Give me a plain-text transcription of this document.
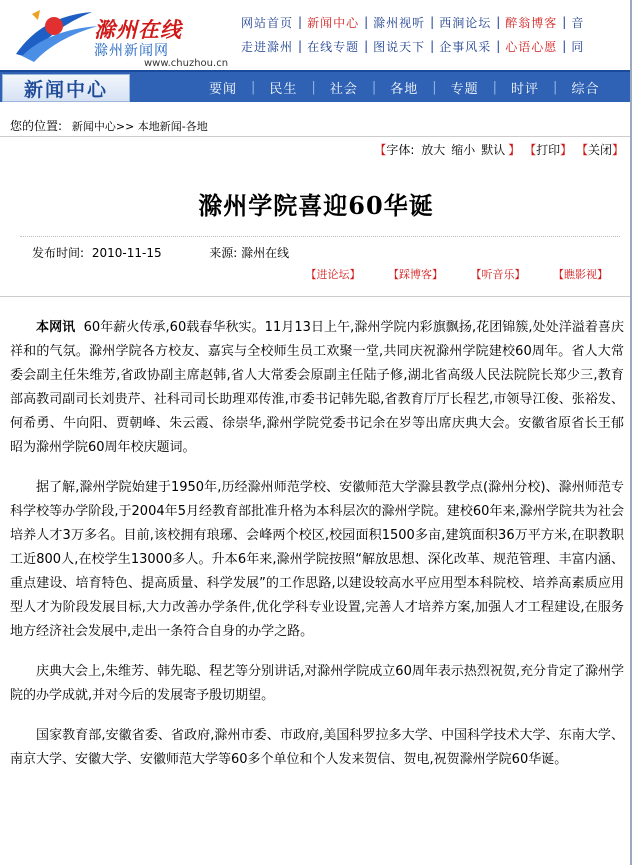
滁州在线
滁州新闻网
www.chuzhou.cn
网站首页 | 新闻中心 | 滁州视听 | 西涧论坛 | 醉翁博客 | 音
走进滁州 | 在线专题 | 图说天下 | 企事风采 | 心语心愿 | 同
新闻中心	要闻	|	民生	|	社会	|	各地	|	专题	|	时评	|	综合
您的位置: 新闻中心>> 本地新闻-各地
【字体: 放大 缩小 默认 】 【打印】 【关闭】
滁州学院喜迎60华诞
发布时间: 2010-11-15	来源: 滁州在线
【进论坛】	【踩博客】	【听音乐】	【瞧影视】

本网讯 60年薪火传承,60载春华秋实。11月13日上午,滁州学院内彩旗飘扬,花团锦簇,处处洋溢着喜庆祥和的气氛。滁州学院各方校友、嘉宾与全校师生员工欢聚一堂,共同庆祝滁州学院建校60周年。省人大常委会副主任朱维芳,省政协副主席赵韩,省人大常委会原副主任陆子修,湖北省高级人民法院院长郑少三,教育部高教司副司长刘贵芹、社科司司长助理邓传淮,市委书记韩先聪,省教育厅厅长程艺,市领导江俊、张裕发、何希勇、牛向阳、贾朝峰、朱云霞、徐崇华,滁州学院党委书记余在岁等出席庆典大会。安徽省原省长王郁昭为滁州学院60周年校庆题词。

据了解,滁州学院始建于1950年,历经滁州师范学校、安徽师范大学滁县教学点(滁州分校)、滁州师范专科学校等办学阶段,于2004年5月经教育部批准升格为本科层次的滁州学院。建校60年来,滁州学院共为社会培养人才3万多名。目前,该校拥有琅琊、会峰两个校区,校园面积1500多亩,建筑面积36万平方米,在职教职工近800人,在校学生13000多人。升本6年来,滁州学院按照“解放思想、深化改革、规范管理、丰富内涵、重点建设、培育特色、提高质量、科学发展”的工作思路,以建设较高水平应用型本科院校、培养高素质应用型人才为阶段发展目标,大力改善办学条件,优化学科专业设置,完善人才培养方案,加强人才工程建设,在服务地方经济社会发展中,走出一条符合自身的办学之路。

庆典大会上,朱维芳、韩先聪、程艺等分别讲话,对滁州学院成立60周年表示热烈祝贺,充分肯定了滁州学院的办学成就,并对今后的发展寄予殷切期望。

国家教育部,安徽省委、省政府,滁州市委、市政府,美国科罗拉多大学、中国科学技术大学、东南大学、南京大学、安徽大学、安徽师范大学等60多个单位和个人发来贺信、贺电,祝贺滁州学院60华诞。
